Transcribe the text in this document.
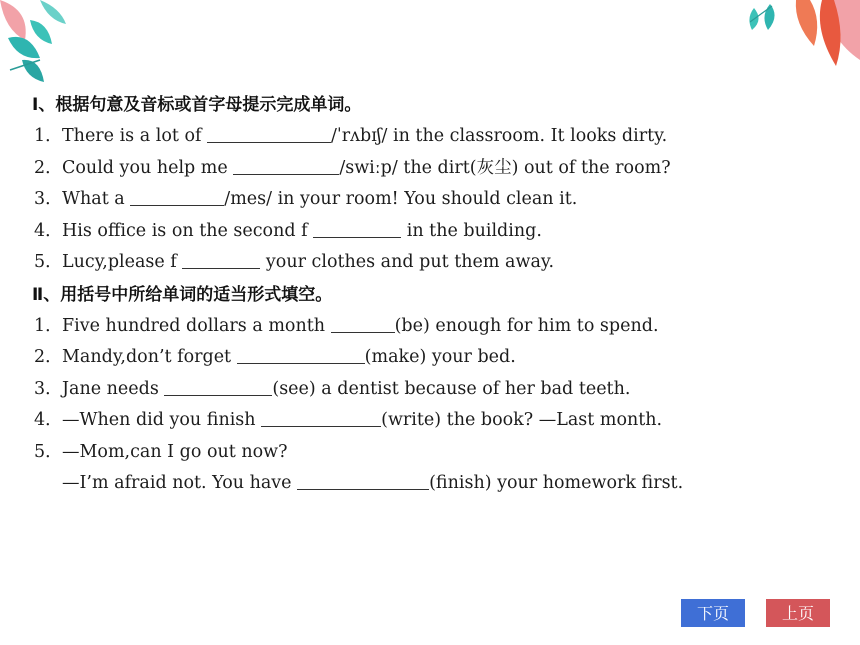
Ⅰ、根据句意及音标或首字母提示完成单词。
1．There is a lot of	/ˈrʌbɪʃ/ in the classroom. It looks dirty.
2．Could you help me	/swiːp/ the dirt(灰尘) out of the room?
3．What a	/mes/ in your room! You should clean it.
4．His office is on the second f	in the building.
5．Lucy,please f	your clothes and put them away.
Ⅱ、用括号中所给单词的适当形式填空。
1．Five hundred dollars a month	(be) enough for him to spend.
2．Mandy,don’t forget	(make) your bed.
3．Jane needs	(see) a dentist because of her bad teeth.
4．—When did you finish	(write) the book? —Last month.
5．—Mom,can I go out now?
—I’m afraid not. You have	(finish) your homework first.
下页	上页
